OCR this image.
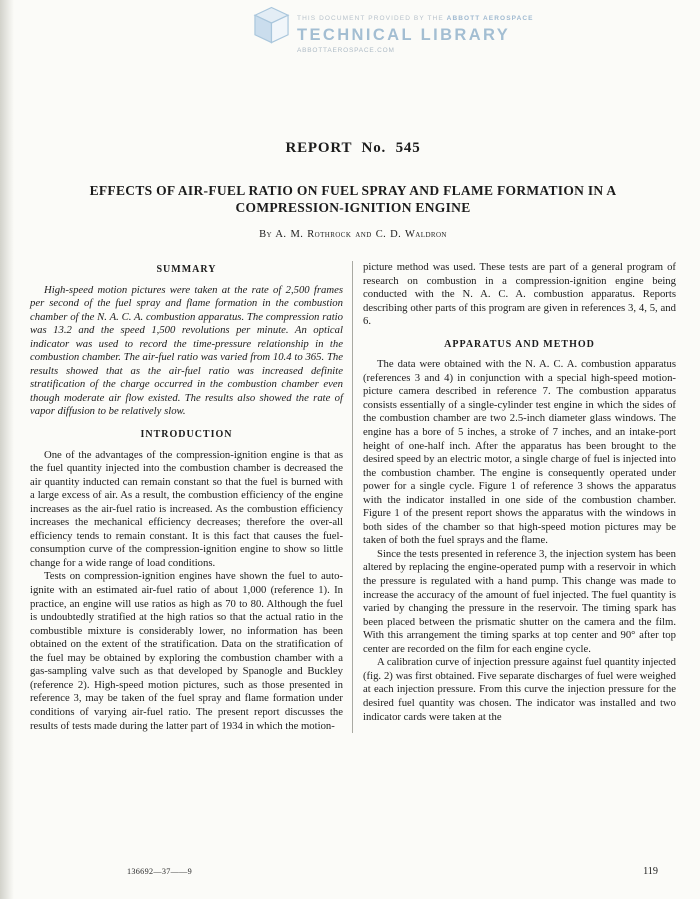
THIS DOCUMENT PROVIDED BY THE ABBOTT AEROSPACE
TECHNICAL LIBRARY
ABBOTTAEROSPACE.COM
REPORT No. 545
EFFECTS OF AIR-FUEL RATIO ON FUEL SPRAY AND FLAME FORMATION IN A
COMPRESSION-IGNITION ENGINE
By A. M. Rothrock and C. D. Waldron
SUMMARY

High-speed motion pictures were taken at the rate of 2,500 frames per second of the fuel spray and flame formation in the combustion chamber of the N. A. C. A. combustion apparatus. The compression ratio was 13.2 and the speed 1,500 revolutions per minute. An optical indicator was used to record the time-pressure relationship in the combustion chamber. The air-fuel ratio was varied from 10.4 to 365. The results showed that as the air-fuel ratio was increased definite stratification of the charge occurred in the combustion chamber even though moderate air flow existed. The results also showed the rate of vapor diffusion to be relatively slow.

INTRODUCTION

One of the advantages of the compression-ignition engine is that as the fuel quantity injected into the combustion chamber is decreased the air quantity inducted can remain constant so that the fuel is burned with a large excess of air. As a result, the combustion efficiency of the engine increases as the air-fuel ratio is increased. As the combustion efficiency increases the mechanical efficiency decreases; therefore the over-all efficiency tends to remain constant. It is this fact that causes the fuel-consumption curve of the compression-ignition engine to show so little change for a wide range of load conditions.

Tests on compression-ignition engines have shown the fuel to auto-ignite with an estimated air-fuel ratio of about 1,000 (reference 1). In practice, an engine will use ratios as high as 70 to 80. Although the fuel is undoubtedly stratified at the high ratios so that the actual ratio in the combustible mixture is considerably lower, no information has been obtained on the extent of the stratification. Data on the stratification of the fuel may be obtained by exploring the combustion chamber with a gas-sampling valve such as that developed by Spanogle and Buckley (reference 2). High-speed motion pictures, such as those presented in reference 3, may be taken of the fuel spray and flame formation under conditions of varying air-fuel ratio. The present report discusses the results of tests made during the latter part of 1934 in which the motion-

picture method was used. These tests are part of a general program of research on combustion in a compression-ignition engine being conducted with the N. A. C. A. combustion apparatus. Reports describing other parts of this program are given in references 3, 4, 5, and 6.

APPARATUS AND METHOD

The data were obtained with the N. A. C. A. combustion apparatus (references 3 and 4) in conjunction with a special high-speed motion-picture camera described in reference 7. The combustion apparatus consists essentially of a single-cylinder test engine in which the sides of the combustion chamber are two 2.5-inch diameter glass windows. The engine has a bore of 5 inches, a stroke of 7 inches, and an intake-port height of one-half inch. After the apparatus has been brought to the desired speed by an electric motor, a single charge of fuel is injected into the combustion chamber. The engine is consequently operated under power for a single cycle. Figure 1 of reference 3 shows the apparatus with the indicator installed in one side of the combustion chamber. Figure 1 of the present report shows the apparatus with the windows in both sides of the chamber so that high-speed motion pictures may be taken of both the fuel sprays and the flame.

Since the tests presented in reference 3, the injection system has been altered by replacing the engine-operated pump with a reservoir in which the pressure is regulated with a hand pump. This change was made to increase the accuracy of the amount of fuel injected. The fuel quantity is varied by changing the pressure in the reservoir. The timing spark has been placed between the prismatic shutter on the camera and the film. With this arrangement the timing sparks at top center and 90° after top center are recorded on the film for each engine cycle.

A calibration curve of injection pressure against fuel quantity injected (fig. 2) was first obtained. Five separate discharges of fuel were weighed at each injection pressure. From this curve the injection pressure for the desired fuel quantity was chosen. The indicator was installed and two indicator cards were taken at the

136692—37——9	119
